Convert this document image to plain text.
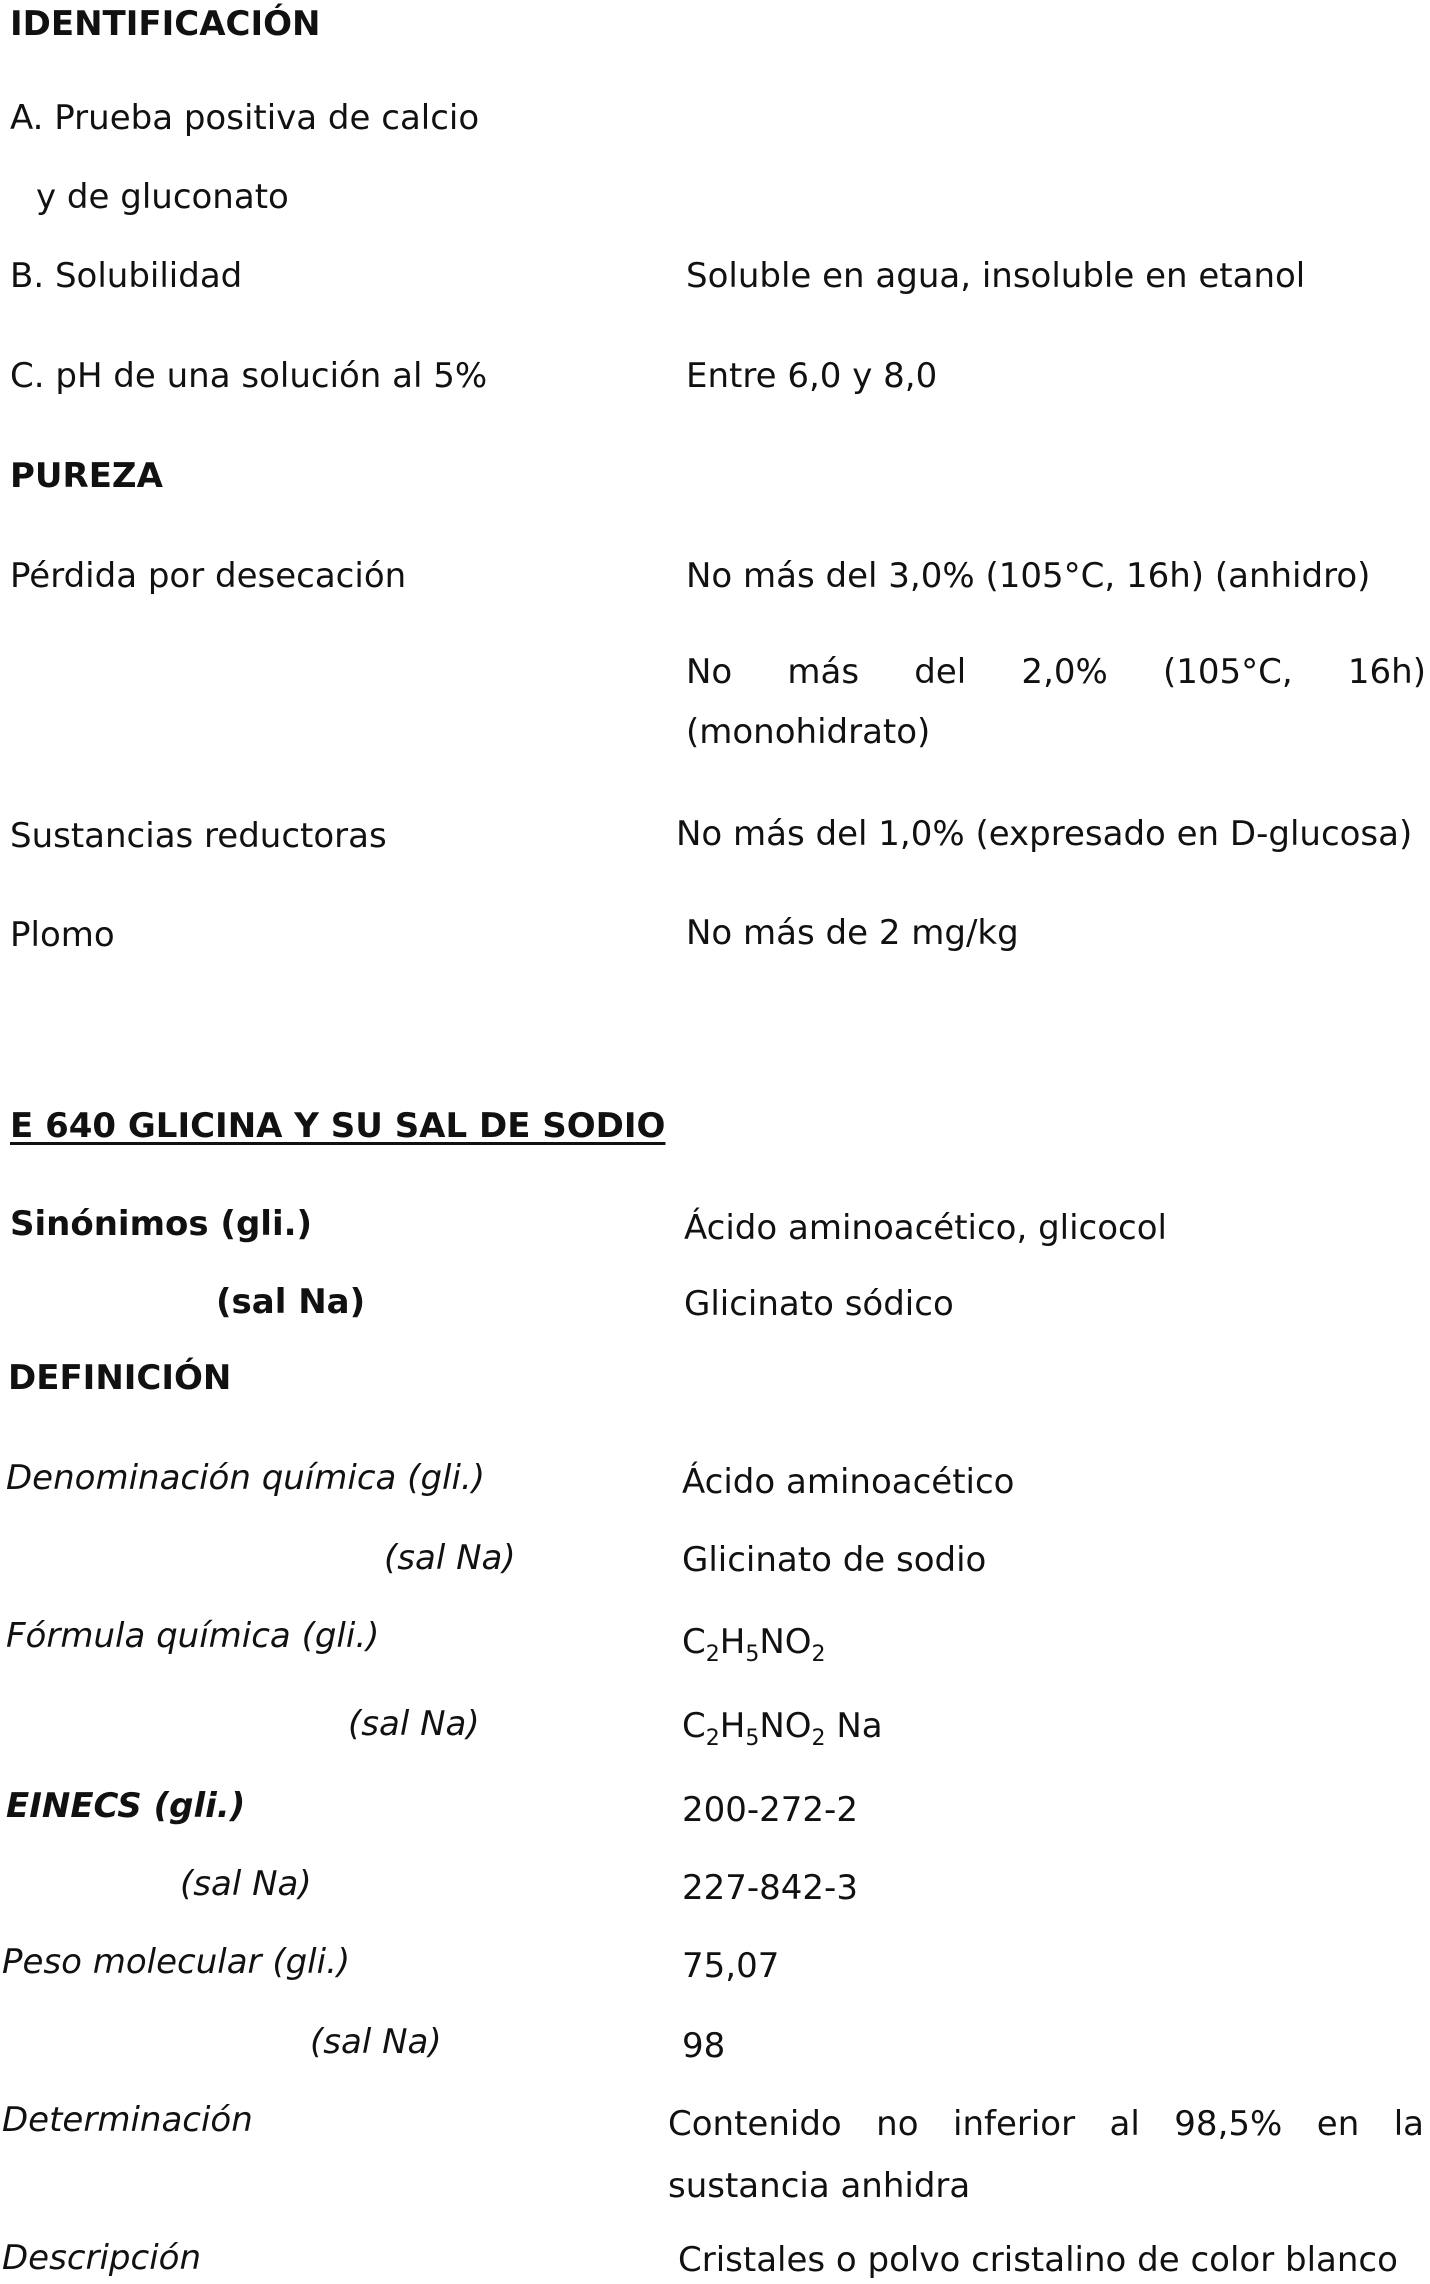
IDENTIFICACIÓN
A. Prueba positiva de calcio
y de gluconato
B. Solubilidad	Soluble en agua, insoluble en etanol
C. pH de una solución al 5%	Entre 6,0 y 8,0
PUREZA
Pérdida por desecación	No más del 3,0% (105°C, 16h) (anhidro)
No más del 2,0% (105°C, 16h)
(monohidrato)
Sustancias reductoras	No más del 1,0% (expresado en D-glucosa)
Plomo	No más de 2 mg/kg
E 640 GLICINA Y SU SAL DE SODIO
Sinónimos (gli.)	Ácido aminoacético, glicocol
(sal Na)	Glicinato sódico
DEFINICIÓN
Denominación química (gli.)	Ácido aminoacético
(sal Na)	Glicinato de sodio
Fórmula química (gli.)	$C_2H_5NO_2$
(sal Na)	$C_2H_5NO_2$ Na
EINECS (gli.)	200-272-2
(sal Na)	227-842-3
Peso molecular (gli.)	75,07
(sal Na)	98
Determinación	Contenido no inferior al 98,5% en la
sustancia anhidra
Descripción	Cristales o polvo cristalino de color blanco
